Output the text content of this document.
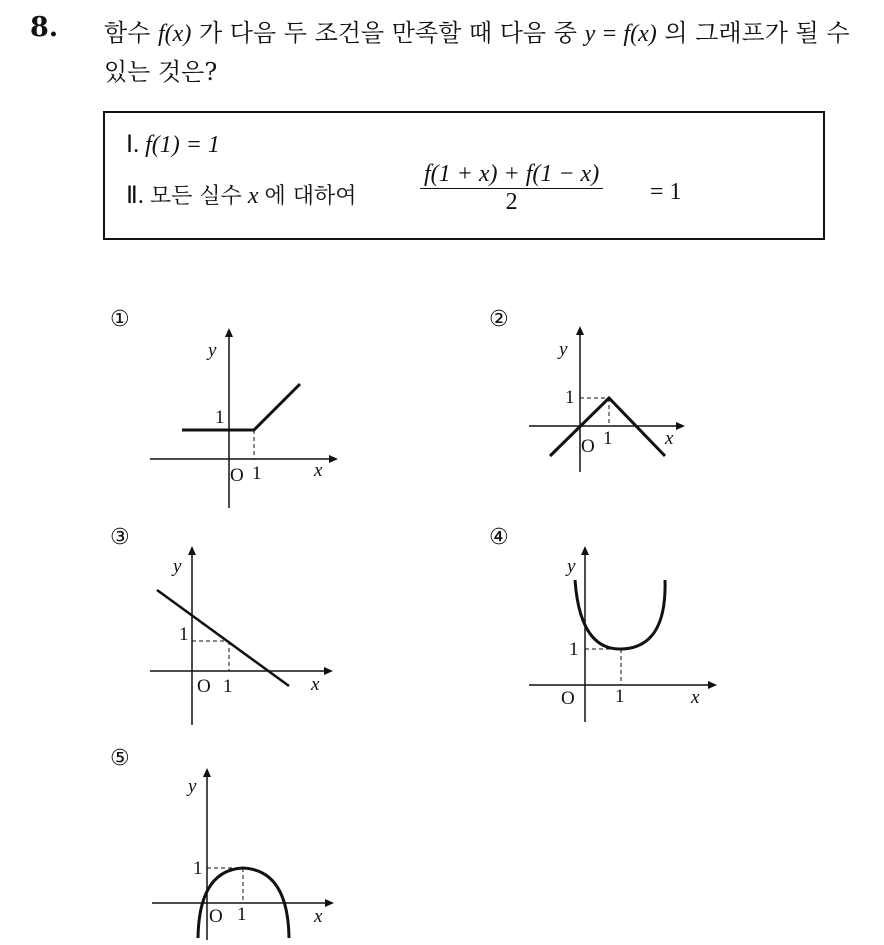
8. 함수 f(x) 가 다음 두 조건을 만족할 때 다음 중 y = f(x) 의 그래프가 될 수 있는 것은?
Ⅰ. f(1) = 1
Ⅱ. 모든 실수 x 에 대하여	$\frac{f(1 + x) + f(1 - x)}{2} = 1$
①	②
③	④
⑤
y
x
O 1
1
y
x
O 1
1
y
x
O 1
1
y
x
O 1
1
y
x
O 1
1
